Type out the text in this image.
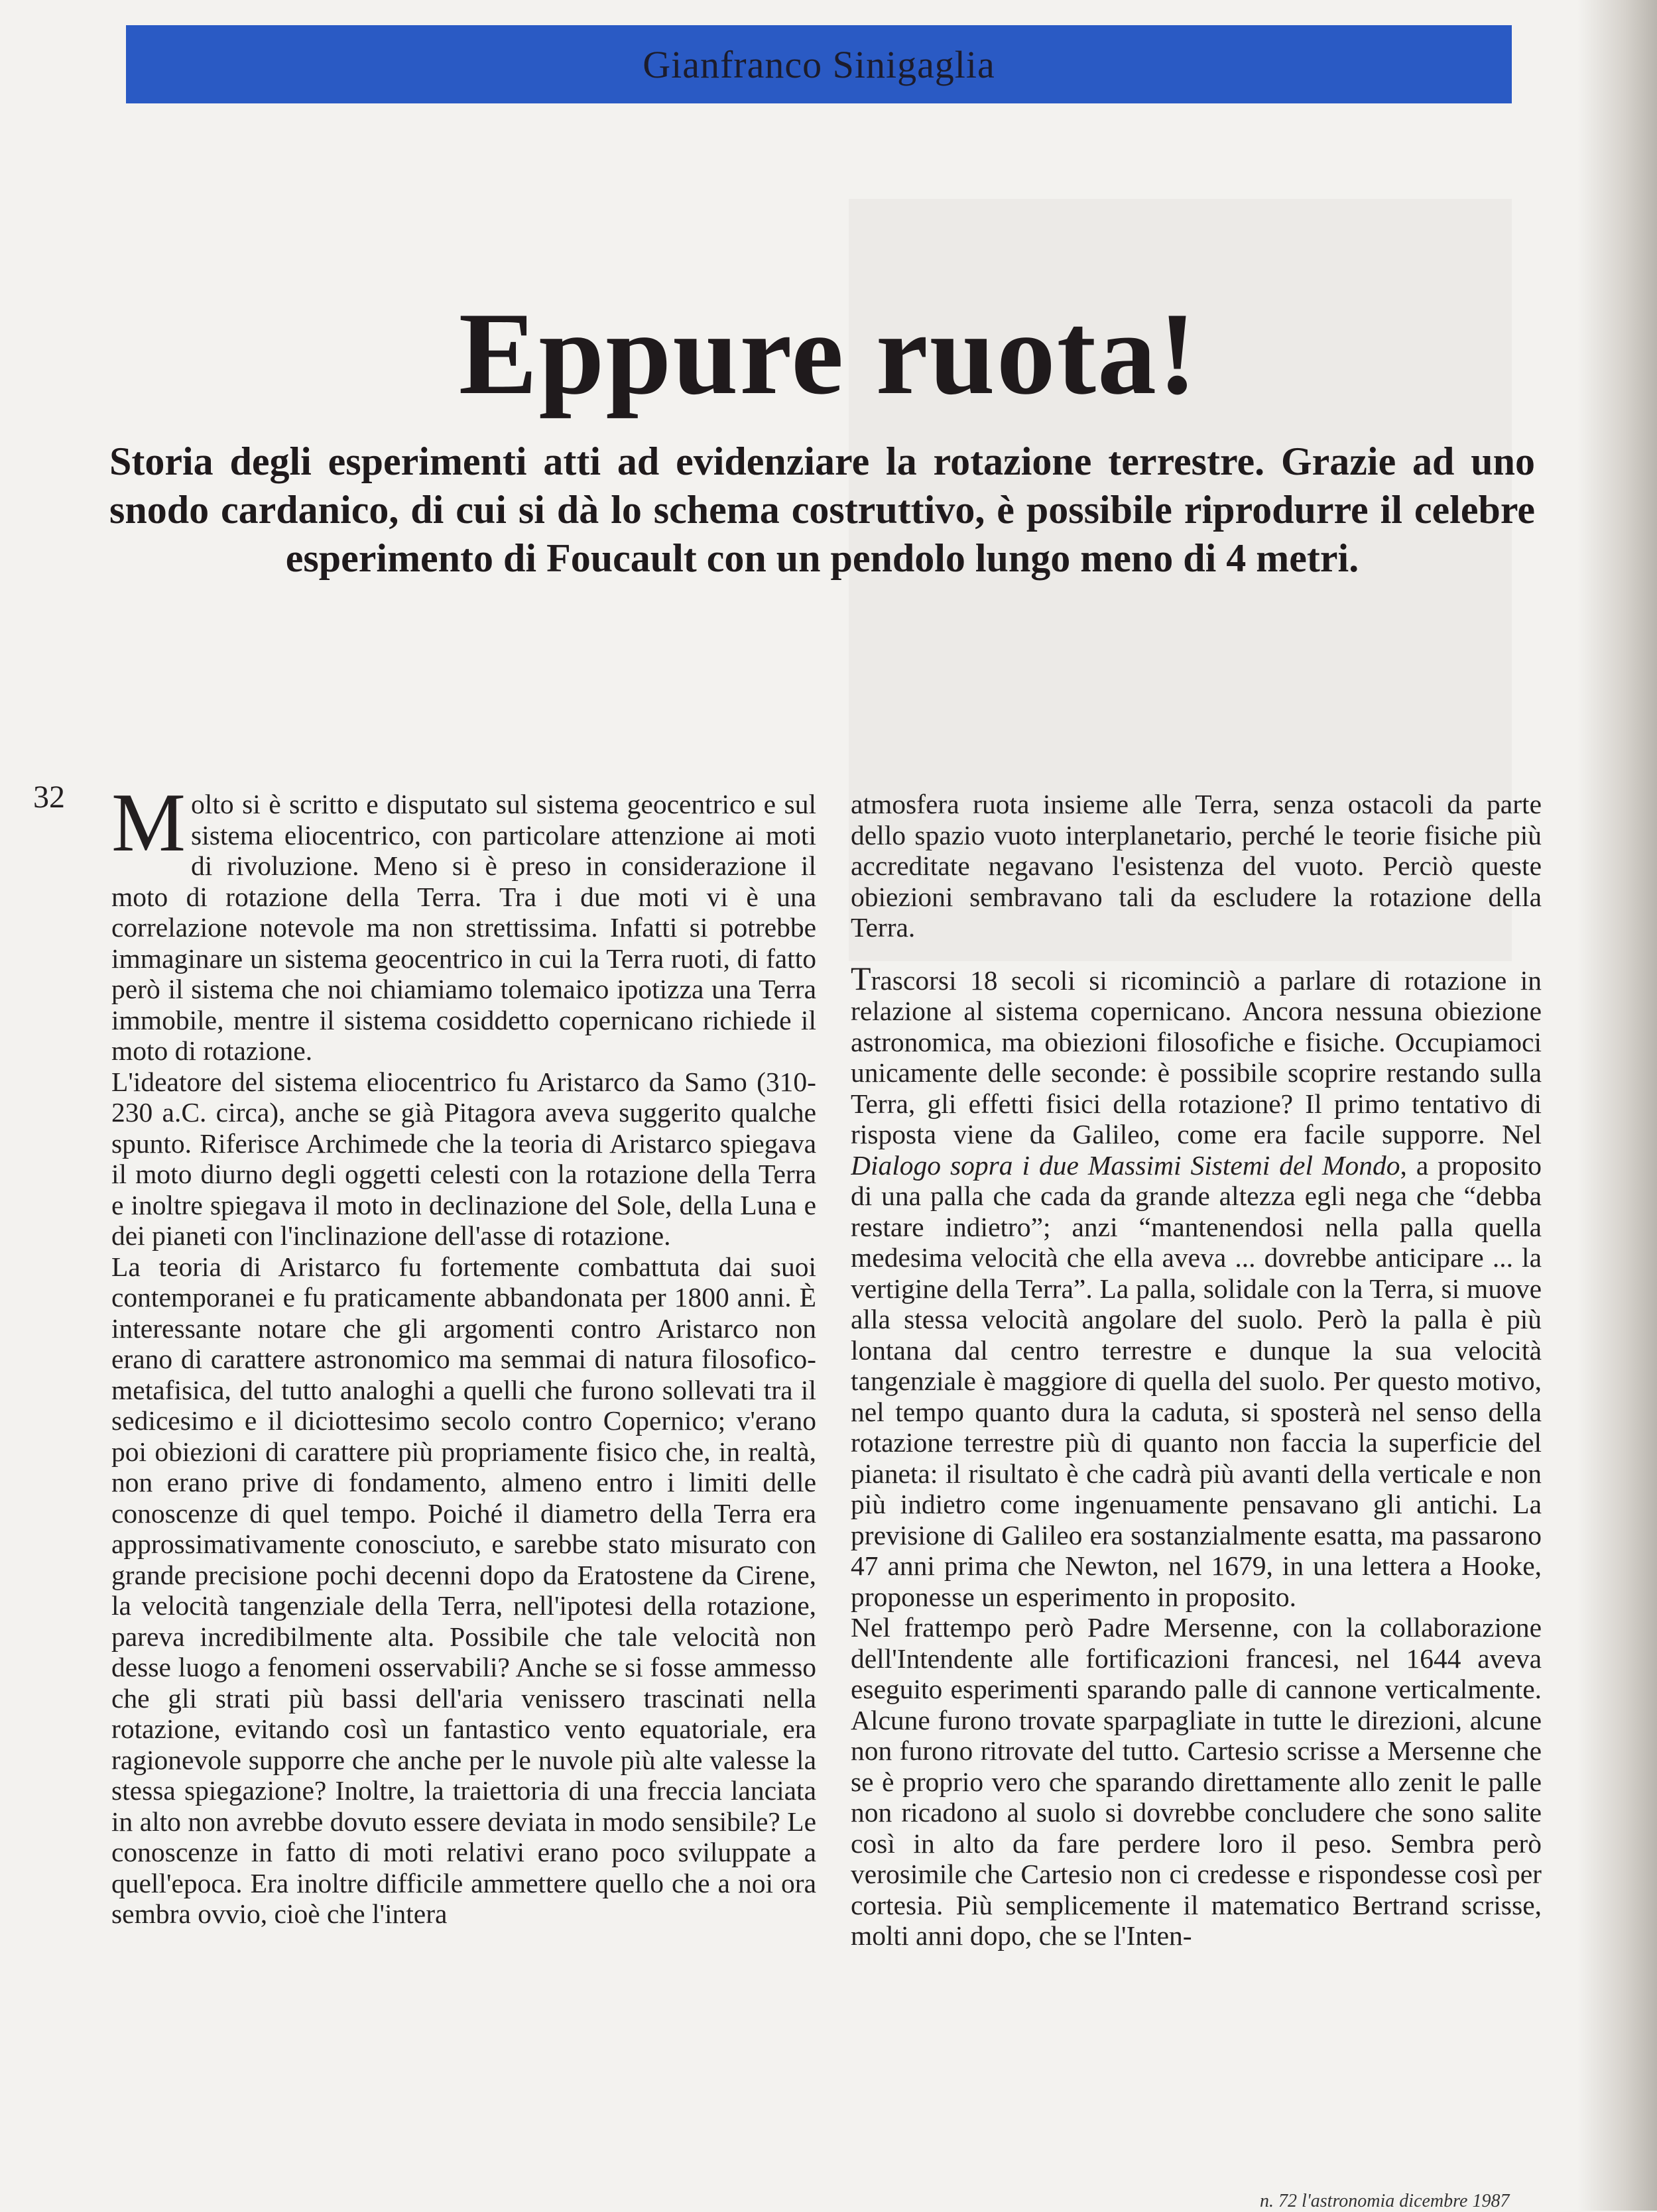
Gianfranco Sinigaglia
Eppure ruota!
Storia degli esperimenti atti ad evidenziare la rotazione terrestre. Grazie ad uno snodo cardanico, di cui si dà lo schema costruttivo, è possibile riprodurre il celebre esperimento di Foucault con un pendolo lungo meno di 4 metri.
32 Molto si è scritto e disputato sul sistema geocentrico e sul sistema eliocentrico, con particolare attenzione ai moti di rivoluzione. Meno si è preso in considerazione il moto di rotazione della Terra. Tra i due moti vi è una correlazione notevole ma non strettissima. Infatti si potrebbe immaginare un sistema geocentrico in cui la Terra ruoti, di fatto però il sistema che noi chiamiamo tolemaico ipotizza una Terra immobile, mentre il sistema cosiddetto copernicano richiede il moto di rotazione.

L'ideatore del sistema eliocentrico fu Aristarco da Samo (310-230 a.C. circa), anche se già Pitagora aveva suggerito qualche spunto. Riferisce Archimede che la teoria di Aristarco spiegava il moto diurno degli oggetti celesti con la rotazione della Terra e inoltre spiegava il moto in declinazione del Sole, della Luna e dei pianeti con l'inclinazione dell'asse di rotazione.

La teoria di Aristarco fu fortemente combattuta dai suoi contemporanei e fu praticamente abbandonata per 1800 anni. È interessante notare che gli argomenti contro Aristarco non erano di carattere astronomico ma semmai di natura filosofico-metafisica, del tutto analoghi a quelli che furono sollevati tra il sedicesimo e il diciottesimo secolo contro Copernico; v'erano poi obiezioni di carattere più propriamente fisico che, in realtà, non erano prive di fondamento, almeno entro i limiti delle conoscenze di quel tempo. Poiché il diametro della Terra era approssimativamente conosciuto, e sarebbe stato misurato con grande precisione pochi decenni dopo da Eratostene da Cirene, la velocità tangenziale della Terra, nell'ipotesi della rotazione, pareva incredibilmente alta. Possibile che tale velocità non desse luogo a fenomeni osservabili? Anche se si fosse ammesso che gli strati più bassi dell'aria venissero trascinati nella rotazione, evitando così un fantastico vento equatoriale, era ragionevole supporre che anche per le nuvole più alte valesse la stessa spiegazione? Inoltre, la traiettoria di una freccia lanciata in alto non avrebbe dovuto essere deviata in modo sensibile? Le conoscenze in fatto di moti relativi erano poco sviluppate a quell'epoca. Era inoltre difficile ammettere quello che a noi ora sembra ovvio, cioè che l'intera

atmosfera ruota insieme alle Terra, senza ostacoli da parte dello spazio vuoto interplanetario, perché le teorie fisiche più accreditate negavano l'esistenza del vuoto. Perciò queste obiezioni sembravano tali da escludere la rotazione della Terra.

Trascorsi 18 secoli si ricominciò a parlare di rotazione in relazione al sistema copernicano. Ancora nessuna obiezione astronomica, ma obiezioni filosofiche e fisiche. Occupiamoci unicamente delle seconde: è possibile scoprire restando sulla Terra, gli effetti fisici della rotazione? Il primo tentativo di risposta viene da Galileo, come era facile supporre. Nel Dialogo sopra i due Massimi Sistemi del Mondo, a proposito di una palla che cada da grande altezza egli nega che “debba restare indietro”; anzi “mantenendosi nella palla quella medesima velocità che ella aveva ... dovrebbe anticipare ... la vertigine della Terra”. La palla, solidale con la Terra, si muove alla stessa velocità angolare del suolo. Però la palla è più lontana dal centro terrestre e dunque la sua velocità tangenziale è maggiore di quella del suolo. Per questo motivo, nel tempo quanto dura la caduta, si sposterà nel senso della rotazione terrestre più di quanto non faccia la superficie del pianeta: il risultato è che cadrà più avanti della verticale e non più indietro come ingenuamente pensavano gli antichi. La previsione di Galileo era sostanzialmente esatta, ma passarono 47 anni prima che Newton, nel 1679, in una lettera a Hooke, proponesse un esperimento in proposito.

Nel frattempo però Padre Mersenne, con la collaborazione dell'Intendente alle fortificazioni francesi, nel 1644 aveva eseguito esperimenti sparando palle di cannone verticalmente. Alcune furono trovate sparpagliate in tutte le direzioni, alcune non furono ritrovate del tutto. Cartesio scrisse a Mersenne che se è proprio vero che sparando direttamente allo zenit le palle non ricadono al suolo si dovrebbe concludere che sono salite così in alto da fare perdere loro il peso. Sembra però verosimile che Cartesio non ci credesse e rispondesse così per cortesia. Più semplicemente il matematico Bertrand scrisse, molti anni dopo, che se l'Inten-

n. 72 l'astronomia dicembre 1987
